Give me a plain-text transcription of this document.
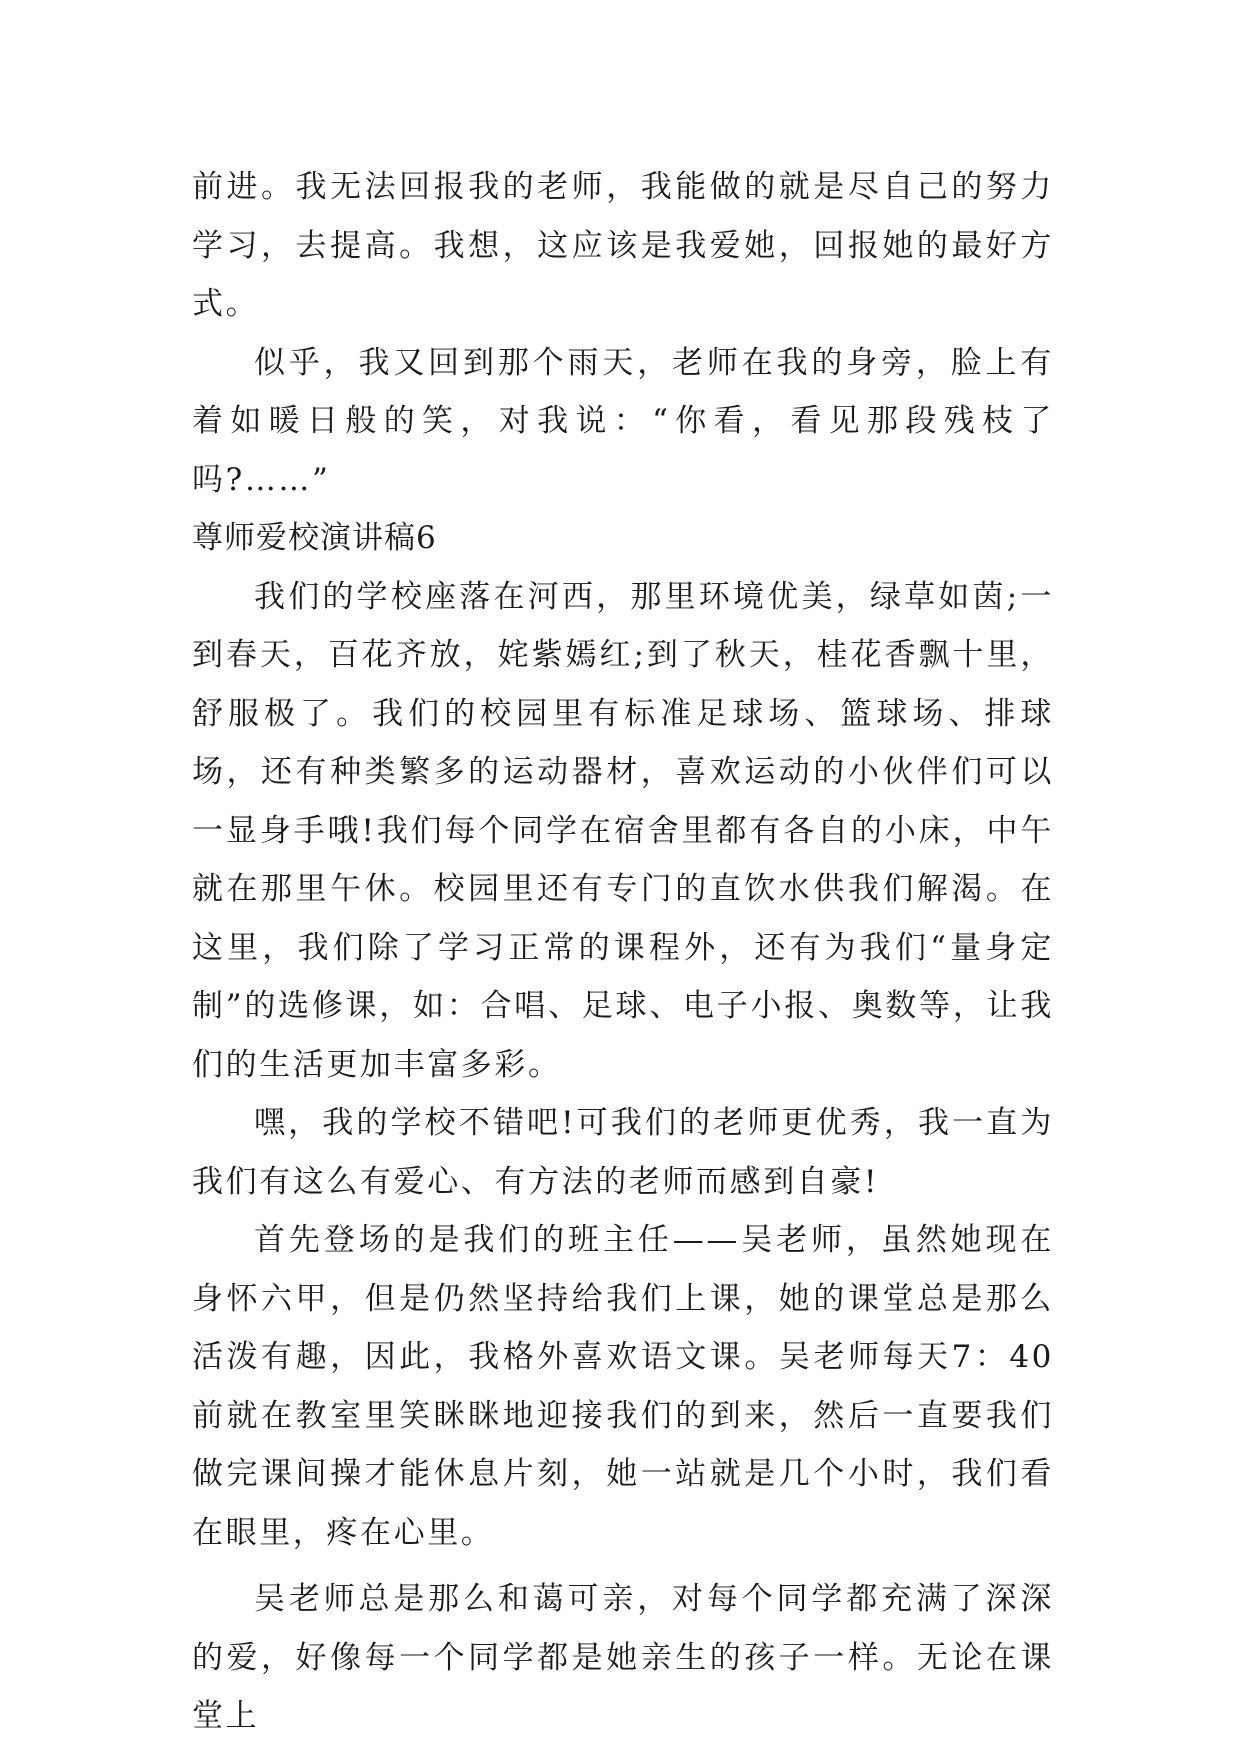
前进。我无法回报我的老师，我能做的就是尽自己的努力学习，去提高。我想，这应该是我爱她，回报她的最好方式。

似乎，我又回到那个雨天，老师在我的身旁，脸上有着如暖日般的笑，对我说：“你看，看见那段残枝了吗?……”

尊师爱校演讲稿6

我们的学校座落在河西，那里环境优美，绿草如茵;一到春天，百花齐放，姹紫嫣红;到了秋天，桂花香飘十里，舒服极了。我们的校园里有标准足球场、篮球场、排球场，还有种类繁多的运动器材，喜欢运动的小伙伴们可以一显身手哦!我们每个同学在宿舍里都有各自的小床，中午就在那里午休。校园里还有专门的直饮水供我们解渴。在这里，我们除了学习正常的课程外，还有为我们“量身定制”的选修课，如：合唱、足球、电子小报、奥数等，让我们的生活更加丰富多彩。

嘿，我的学校不错吧!可我们的老师更优秀，我一直为我们有这么有爱心、有方法的老师而感到自豪!

首先登场的是我们的班主任——吴老师，虽然她现在身怀六甲，但是仍然坚持给我们上课，她的课堂总是那么活泼有趣，因此，我格外喜欢语文课。吴老师每天7：40前就在教室里笑眯眯地迎接我们的到来，然后一直要我们做完课间操才能休息片刻，她一站就是几个小时，我们看在眼里，疼在心里。

吴老师总是那么和蔼可亲，对每个同学都充满了深深的爱，好像每一个同学都是她亲生的孩子一样。无论在课堂上
